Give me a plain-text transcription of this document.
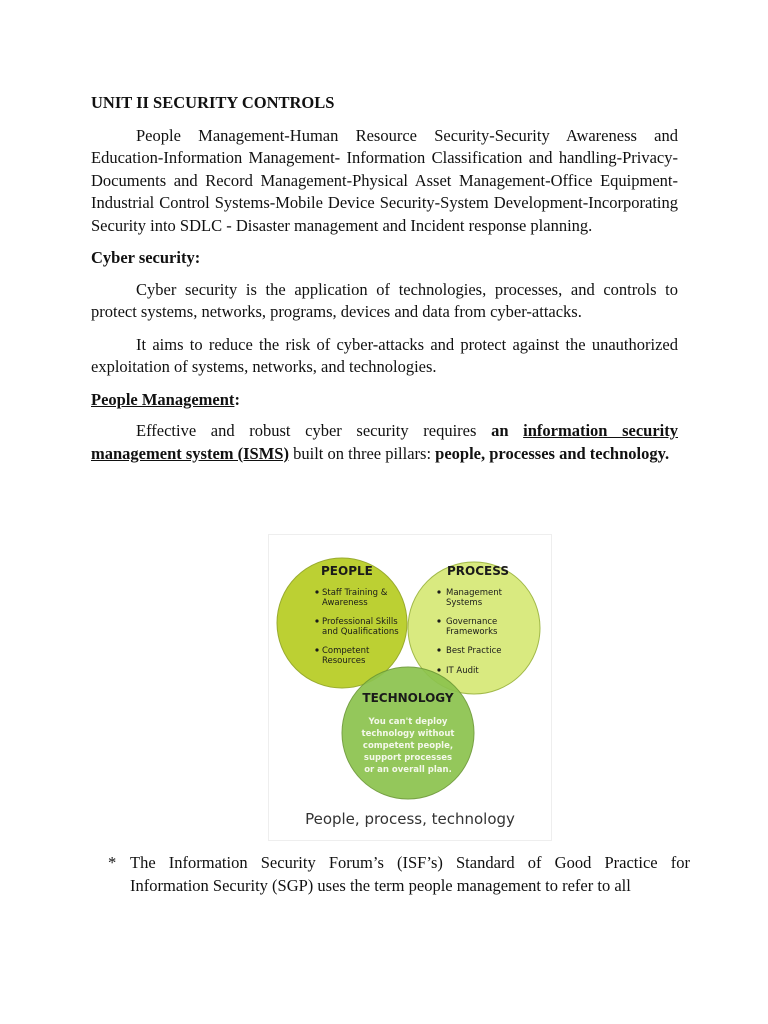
UNIT II SECURITY CONTROLS

People Management-Human Resource Security-Security Awareness and Education-Information Management- Information Classification and handling-Privacy-Documents and Record Management-Physical Asset Management-Office Equipment-Industrial Control Systems-Mobile Device Security-System Development-Incorporating Security into SDLC - Disaster management and Incident response planning.

Cyber security:

Cyber security is the application of technologies, processes, and controls to protect systems, networks, programs, devices and data from cyber-attacks.

It aims to reduce the risk of cyber-attacks and protect against the unauthorized exploitation of systems, networks, and technologies.

People Management:

Effective and robust cyber security requires an information security management system (ISMS) built on three pillars: people, processes and technology.

PEOPLE
Staff Training &
Awareness
Professional Skills
and Qualifications
Competent
Resources
PROCESS
Management
Systems
Governance
Frameworks
Best Practice
IT Audit
TECHNOLOGY
You can't deploy
technology without
competent people,
support processes
or an overall plan.
People, process, technology
* The Information Security Forum’s (ISF’s) Standard of Good Practice for Information Security (SGP) uses the term people management to refer to all
